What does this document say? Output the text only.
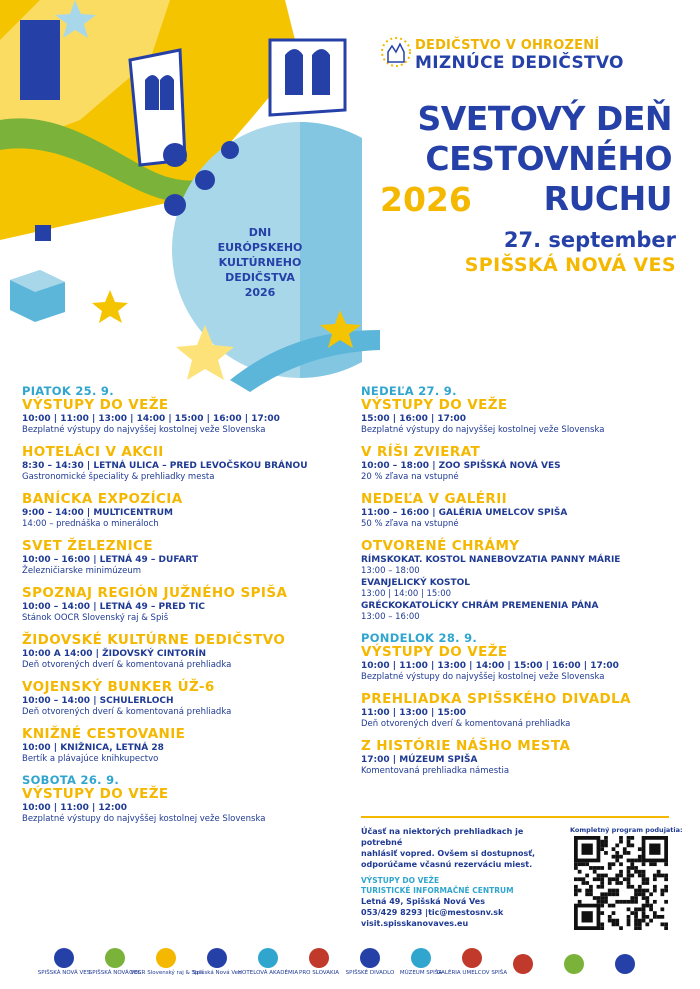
DEDIČSTVO V OHROZENÍ
MIZNÚCE DEDIČSTVO
SVETOVÝ DEŇ
CESTOVNÉHO
RUCHU
2026
27. september
SPIŠSKÁ NOVÁ VES
DNI
EURÓPSKEHO
KULTÚRNEHO
DEDIČSTVA
2026
PIATOK 25. 9.
VÝSTUPY DO VEŽE
10:00 | 11:00 | 13:00 | 14:00 | 15:00 | 16:00 | 17:00
Bezplatné výstupy do najvyššej kostolnej veže Slovenska
HOTELÁCI V AKCII
8:30 – 14:30 | LETNÁ ULICA – PRED LEVOČSKOU BRÁNOU
Gastronomické špeciality & prehliadky mesta
BANÍCKA EXPOZÍCIA
9:00 – 14:00 | MULTICENTRUM
14:00 – prednáška o mineráloch
SVET ŽELEZNICE
10:00 – 16:00 | LETNÁ 49 – DUFART
Železničiarske minimúzeum
SPOZNAJ REGIÓN JUŽNÉHO SPIŠA
10:00 – 14:00 | LETNÁ 49 – PRED TIC
Stánok OOCR Slovenský raj & Spiš
ŽIDOVSKÉ KULTÚRNE DEDIČSTVO
10:00 A 14:00 | ŽIDOVSKÝ CINTORÍN
Deň otvorených dverí & komentovaná prehliadka
VOJENSKÝ BUNKER ÚŽ-6
10:00 – 14:00 | SCHULERLOCH
Deň otvorených dverí & komentovaná prehliadka
KNIŽNÉ CESTOVANIE
10:00 | KNIŽNICA, LETNÁ 28
Bertík a plávajúce knihkupectvo
SOBOTA 26. 9.
VÝSTUPY DO VEŽE
10:00 | 11:00 | 12:00
Bezplatné výstupy do najvyššej kostolnej veže Slovenska
NEDEĽA 27. 9.
VÝSTUPY DO VEŽE
15:00 | 16:00 | 17:00
Bezplatné výstupy do najvyššej kostolnej veže Slovenska
V RÍŠI ZVIERAT
10:00 – 18:00 | ZOO SPIŠSKÁ NOVÁ VES
20 % zľava na vstupné
NEDEĽA V GALÉRII
11:00 – 16:00 | GALÉRIA UMELCOV SPIŠA
50 % zľava na vstupné
OTVORENÉ CHRÁMY
RÍMSKOKAT. KOSTOL NANEBOVZATIA PANNY MÁRIE
13:00 – 18:00
EVANJELICKÝ KOSTOL
13:00 | 14:00 | 15:00
GRÉCKOKATOLÍCKY CHRÁM PREMENENIA PÁNA
13:00 – 16:00
PONDELOK 28. 9.
VÝSTUPY DO VEŽE
10:00 | 11:00 | 13:00 | 14:00 | 15:00 | 16:00 | 17:00
Bezplatné výstupy do najvyššej kostolnej veže Slovenska
PREHLIADKA SPIŠSKÉHO DIVADLA
11:00 | 13:00 | 15:00
Deň otvorených dverí & komentovaná prehliadka
Z HISTÓRIE NÁŠHO MESTA
17:00 | MÚZEUM SPIŠA
Komentovaná prehliadka námestia
Účasť na niektorých prehliadkach je potrebné
nahlásiť vopred. Ovšem si dostupnosť,
odporúčame včasnú rezerváciu miest.
VÝSTUPY DO VEŽE
TURISTICKÉ INFORMAČNÉ CENTRUM
Letná 49, Spišská Nová Ves
053/429 8293 |tic@mestosnv.sk
visit.spisskanovaves.eu
Kompletný program podujatia:
SPIŠSKÁ NOVÁ VES
SPIŠSKÁ NOVÁ VES
OOCR Slovenský raj & Spiš
Spišská Nová Ves
HOTELOVÁ AKADÉMIA PRO SLOVAKIA SPIŠSKÉ DIVADLO MÚZEUM SPIŠA
GALÉRIA UMELCOV SPIŠA
